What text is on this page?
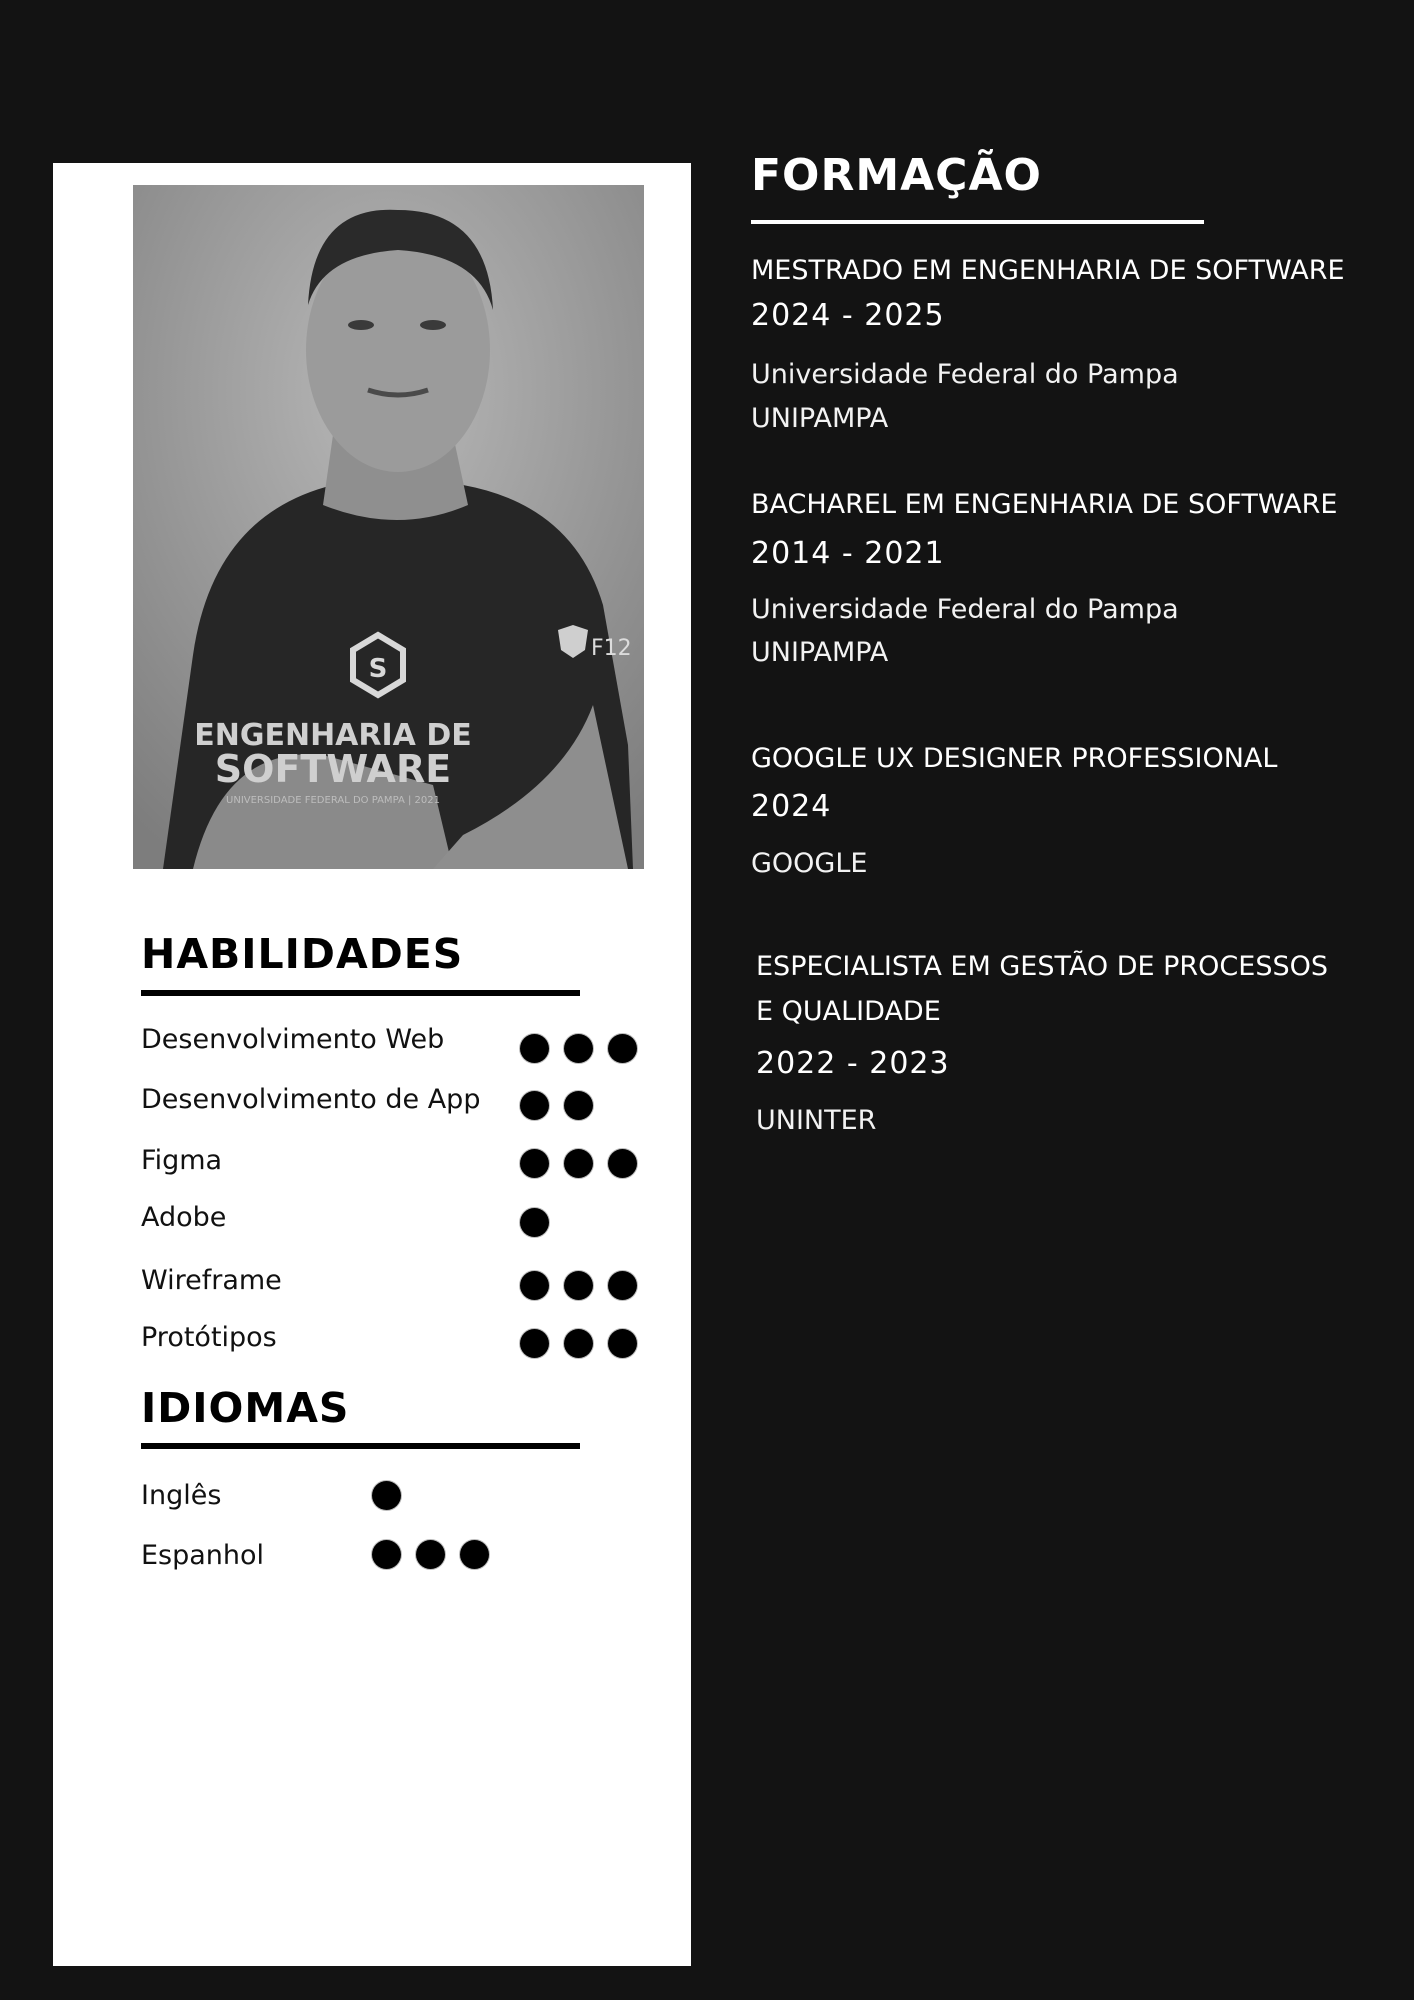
S
ENGENHARIA DE
SOFTWARE
UNIVERSIDADE FEDERAL DO PAMPA | 2021
F12
HABILIDADES
Desenvolvimento Web
Desenvolvimento de App
Figma
Adobe
Wireframe
Protótipos
IDIOMAS
Inglês
Espanhol
FORMAÇÃO
MESTRADO EM ENGENHARIA DE SOFTWARE
2024 - 2025
Universidade Federal do Pampa
UNIPAMPA
BACHAREL EM ENGENHARIA DE SOFTWARE
2014 - 2021
Universidade Federal do Pampa
UNIPAMPA
GOOGLE UX DESIGNER PROFESSIONAL
2024
GOOGLE
ESPECIALISTA EM GESTÃO DE PROCESSOS
E QUALIDADE
2022 - 2023
UNINTER
